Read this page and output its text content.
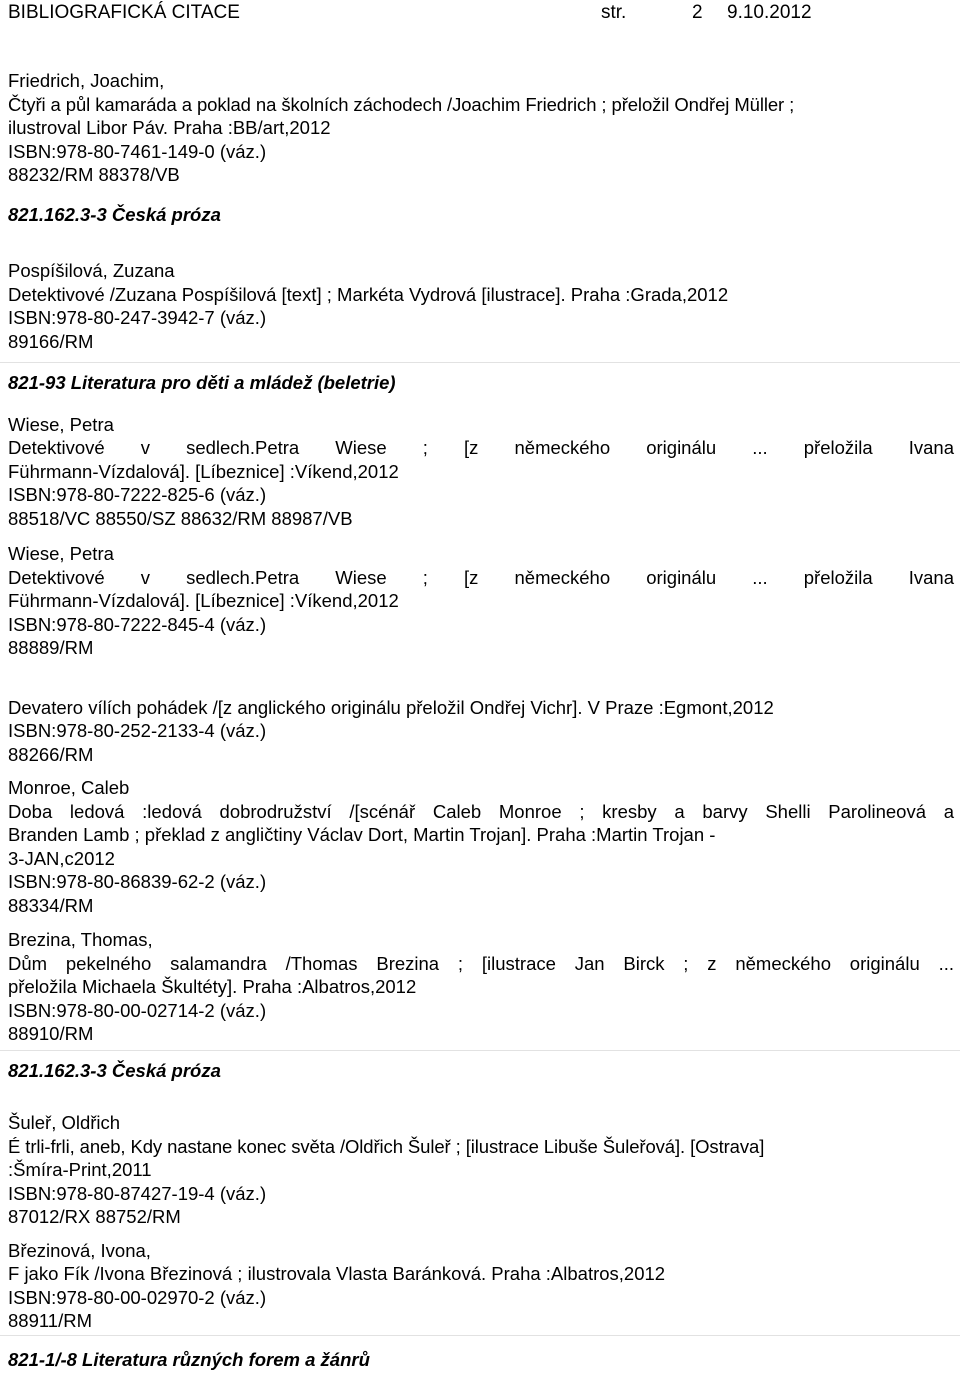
BIBLIOGRAFICKÁ CITACE	str.	2	9.10.2012
Friedrich, Joachim,
Čtyři a půl kamaráda a poklad na školních záchodech /Joachim Friedrich ; přeložil Ondřej Müller ;
ilustroval Libor Páv. Praha :BB/art,2012
ISBN:978-80-7461-149-0 (váz.)
88232/RM 88378/VB
821.162.3-3 Česká próza
Pospíšilová, Zuzana
Detektivové /Zuzana Pospíšilová [text] ; Markéta Vydrová [ilustrace]. Praha :Grada,2012
ISBN:978-80-247-3942-7 (váz.)
89166/RM
821-93 Literatura pro děti a mládež (beletrie)
Wiese, Petra
Detektivové v sedlech.Petra Wiese ; [z německého originálu ... přeložila Ivana
Führmann-Vízdalová]. [Líbeznice] :Víkend,2012
ISBN:978-80-7222-825-6 (váz.)
88518/VC 88550/SZ 88632/RM 88987/VB
Wiese, Petra
Detektivové v sedlech.Petra Wiese ; [z německého originálu ... přeložila Ivana
Führmann-Vízdalová]. [Líbeznice] :Víkend,2012
ISBN:978-80-7222-845-4 (váz.)
88889/RM
Devatero vílích pohádek /[z anglického originálu přeložil Ondřej Vichr]. V Praze :Egmont,2012
ISBN:978-80-252-2133-4 (váz.)
88266/RM
Monroe, Caleb
Doba ledová :ledová dobrodružství /[scénář Caleb Monroe ; kresby a barvy Shelli Parolineová a
Branden Lamb ; překlad z angličtiny Václav Dort, Martin Trojan]. Praha :Martin Trojan -
3-JAN,c2012
ISBN:978-80-86839-62-2 (váz.)
88334/RM
Brezina, Thomas,
Dům pekelného salamandra /Thomas Brezina ; [ilustrace Jan Birck ; z německého originálu ...
přeložila Michaela Škultéty]. Praha :Albatros,2012
ISBN:978-80-00-02714-2 (váz.)
88910/RM
821.162.3-3 Česká próza
Šuleř, Oldřich
É trli-frli, aneb, Kdy nastane konec světa /Oldřich Šuleř ; [ilustrace Libuše Šuleřová]. [Ostrava]
:Šmíra-Print,2011
ISBN:978-80-87427-19-4 (váz.)
87012/RX 88752/RM
Březinová, Ivona,
F jako Fík /Ivona Březinová ; ilustrovala Vlasta Baránková. Praha :Albatros,2012
ISBN:978-80-00-02970-2 (váz.)
88911/RM
821-1/-8 Literatura různých forem a žánrů
